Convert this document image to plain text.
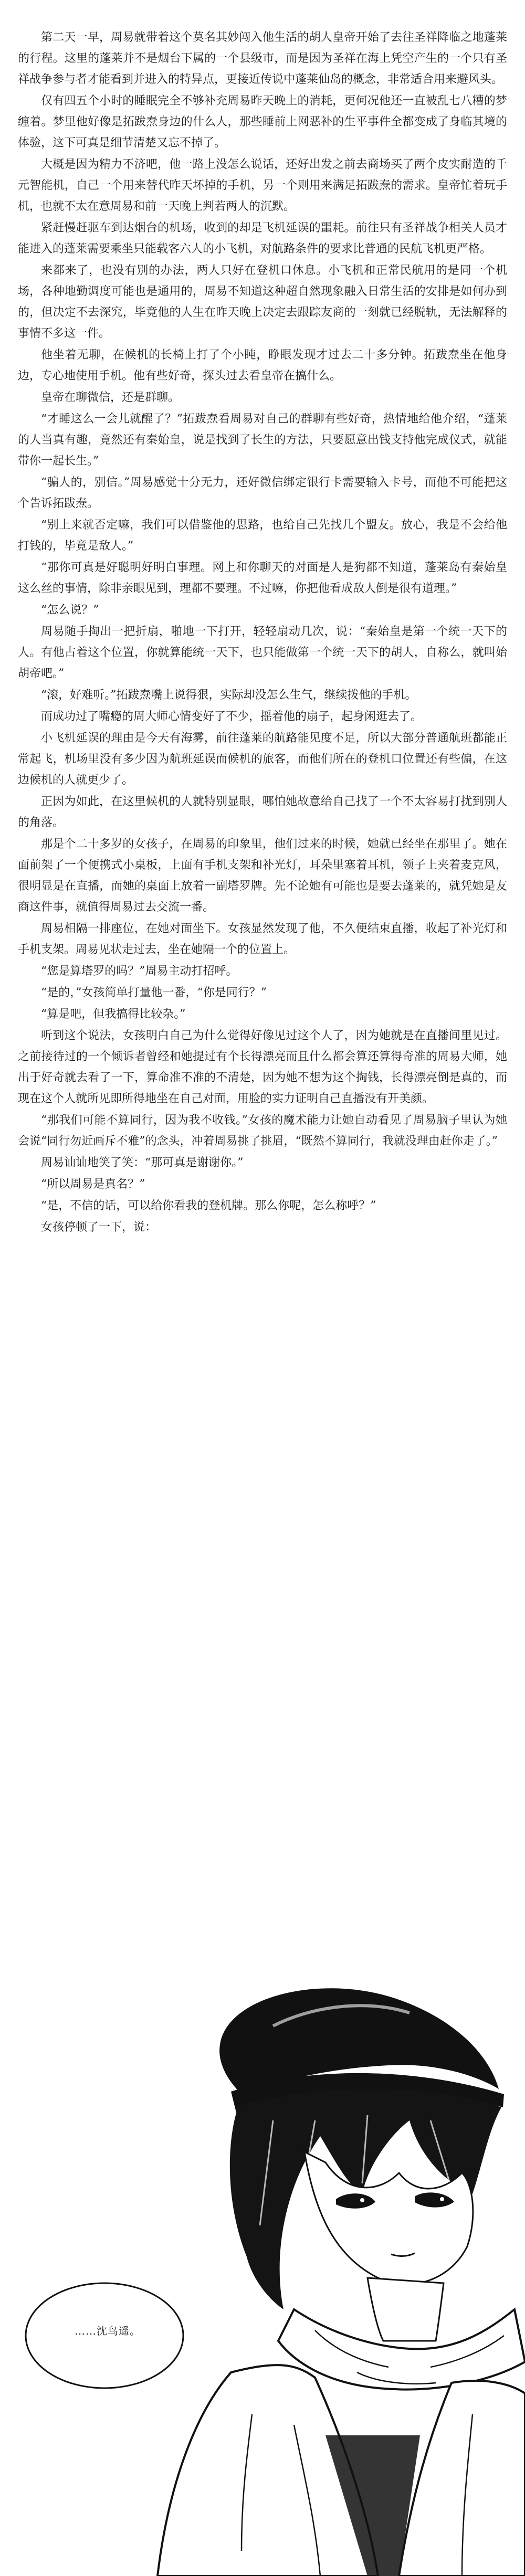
第二天一早，周易就带着这个莫名其妙闯入他生活的胡人皇帝开始了去往圣祥降临之地蓬莱的行程。这里的蓬莱并不是烟台下属的一个县级市，而是因为圣祥在海上凭空产生的一个只有圣祥战争参与者才能看到并进入的特异点，更接近传说中蓬莱仙岛的概念，非常适合用来避风头。

仅有四五个小时的睡眠完全不够补充周易昨天晚上的消耗，更何况他还一直被乱七八糟的梦缠着。梦里他好像是拓跋焘身边的什么人，那些睡前上网恶补的生平事件全都变成了身临其境的体验，这下可真是细节清楚又忘不掉了。

大概是因为精力不济吧，他一路上没怎么说话，还好出发之前去商场买了两个皮实耐造的千元智能机，自己一个用来替代昨天坏掉的手机，另一个则用来满足拓跋焘的需求。皇帝忙着玩手机，也就不太在意周易和前一天晚上判若两人的沉默。

紧赶慢赶驱车到达烟台的机场，收到的却是飞机延误的噩耗。前往只有圣祥战争相关人员才能进入的蓬莱需要乘坐只能载客六人的小飞机，对航路条件的要求比普通的民航飞机更严格。

来都来了，也没有别的办法，两人只好在登机口休息。小飞机和正常民航用的是同一个机场，各种地勤调度可能也是通用的，周易不知道这种超自然现象融入日常生活的安排是如何办到的，但决定不去深究，毕竟他的人生在昨天晚上决定去跟踪友商的一刻就已经脱轨，无法解释的事情不多这一件。

他坐着无聊，在候机的长椅上打了个小盹，睁眼发现才过去二十多分钟。拓跋焘坐在他身边，专心地使用手机。他有些好奇，探头过去看皇帝在搞什么。

皇帝在聊微信，还是群聊。

“才睡这么一会儿就醒了？”拓跋焘看周易对自己的群聊有些好奇，热情地给他介绍，“蓬莱的人当真有趣，竟然还有秦始皇，说是找到了长生的方法，只要愿意出钱支持他完成仪式，就能带你一起长生。”

“骗人的，别信。”周易感觉十分无力，还好微信绑定银行卡需要输入卡号，而他不可能把这个告诉拓跋焘。

“别上来就否定嘛，我们可以借鉴他的思路，也给自己先找几个盟友。放心，我是不会给他打钱的，毕竟是敌人。”

“那你可真是好聪明好明白事理。网上和你聊天的对面是人是狗都不知道，蓬莱岛有秦始皇这么丝的事情，除非亲眼见到，理都不要理。不过嘛，你把他看成敌人倒是很有道理。”

“怎么说？”

周易随手掏出一把折扇，啪地一下打开，轻轻扇动几次，说：“秦始皇是第一个统一天下的人。有他占着这个位置，你就算能统一天下，也只能做第一个统一天下的胡人，自称么，就叫始胡帝吧。”

“滚，好难听。”拓跋焘嘴上说得狠，实际却没怎么生气，继续拨他的手机。

而成功过了嘴瘾的周大师心情变好了不少，摇着他的扇子，起身闲逛去了。

小飞机延误的理由是今天有海雾，前往蓬莱的航路能见度不足，所以大部分普通航班都能正常起飞，机场里没有多少因为航班延误而候机的旅客，而他们所在的登机口位置还有些偏，在这边候机的人就更少了。

正因为如此，在这里候机的人就特别显眼，哪怕她故意给自己找了一个不太容易打扰到别人的角落。

那是个二十多岁的女孩子，在周易的印象里，他们过来的时候，她就已经坐在那里了。她在面前架了一个便携式小桌板，上面有手机支架和补光灯，耳朵里塞着耳机，领子上夹着麦克风，很明显是在直播，而她的桌面上放着一副塔罗牌。先不论她有可能也是要去蓬莱的，就凭她是友商这件事，就值得周易过去交流一番。

周易相隔一排座位，在她对面坐下。女孩显然发现了他，不久便结束直播，收起了补光灯和手机支架。周易见状走过去，坐在她隔一个的位置上。

“您是算塔罗的吗？”周易主动打招呼。

“是的，”女孩简单打量他一番，“你是同行？”

“算是吧，但我搞得比较杂。”

听到这个说法，女孩明白自己为什么觉得好像见过这个人了，因为她就是在直播间里见过。之前接待过的一个倾诉者曾经和她提过有个长得漂亮而且什么都会算还算得奇准的周易大师，她出于好奇就去看了一下，算命准不准的不清楚，因为她不想为这个掏钱，长得漂亮倒是真的，而现在这个人就所见即所得地坐在自己对面，用脸的实力证明自己直播没有开美颜。

“那我们可能不算同行，因为我不收钱。”女孩的魔术能力让她自动看见了周易脑子里认为她会说“同行勿近画斥不雅”的念头，冲着周易挑了挑眉，“既然不算同行，我就没理由赶你走了。”

周易讪讪地笑了笑：“那可真是谢谢你。”

“所以周易是真名？”

“是，不信的话，可以给你看我的登机牌。那么你呢，怎么称呼？”

女孩停顿了一下，说：

……沈鸟遥。
